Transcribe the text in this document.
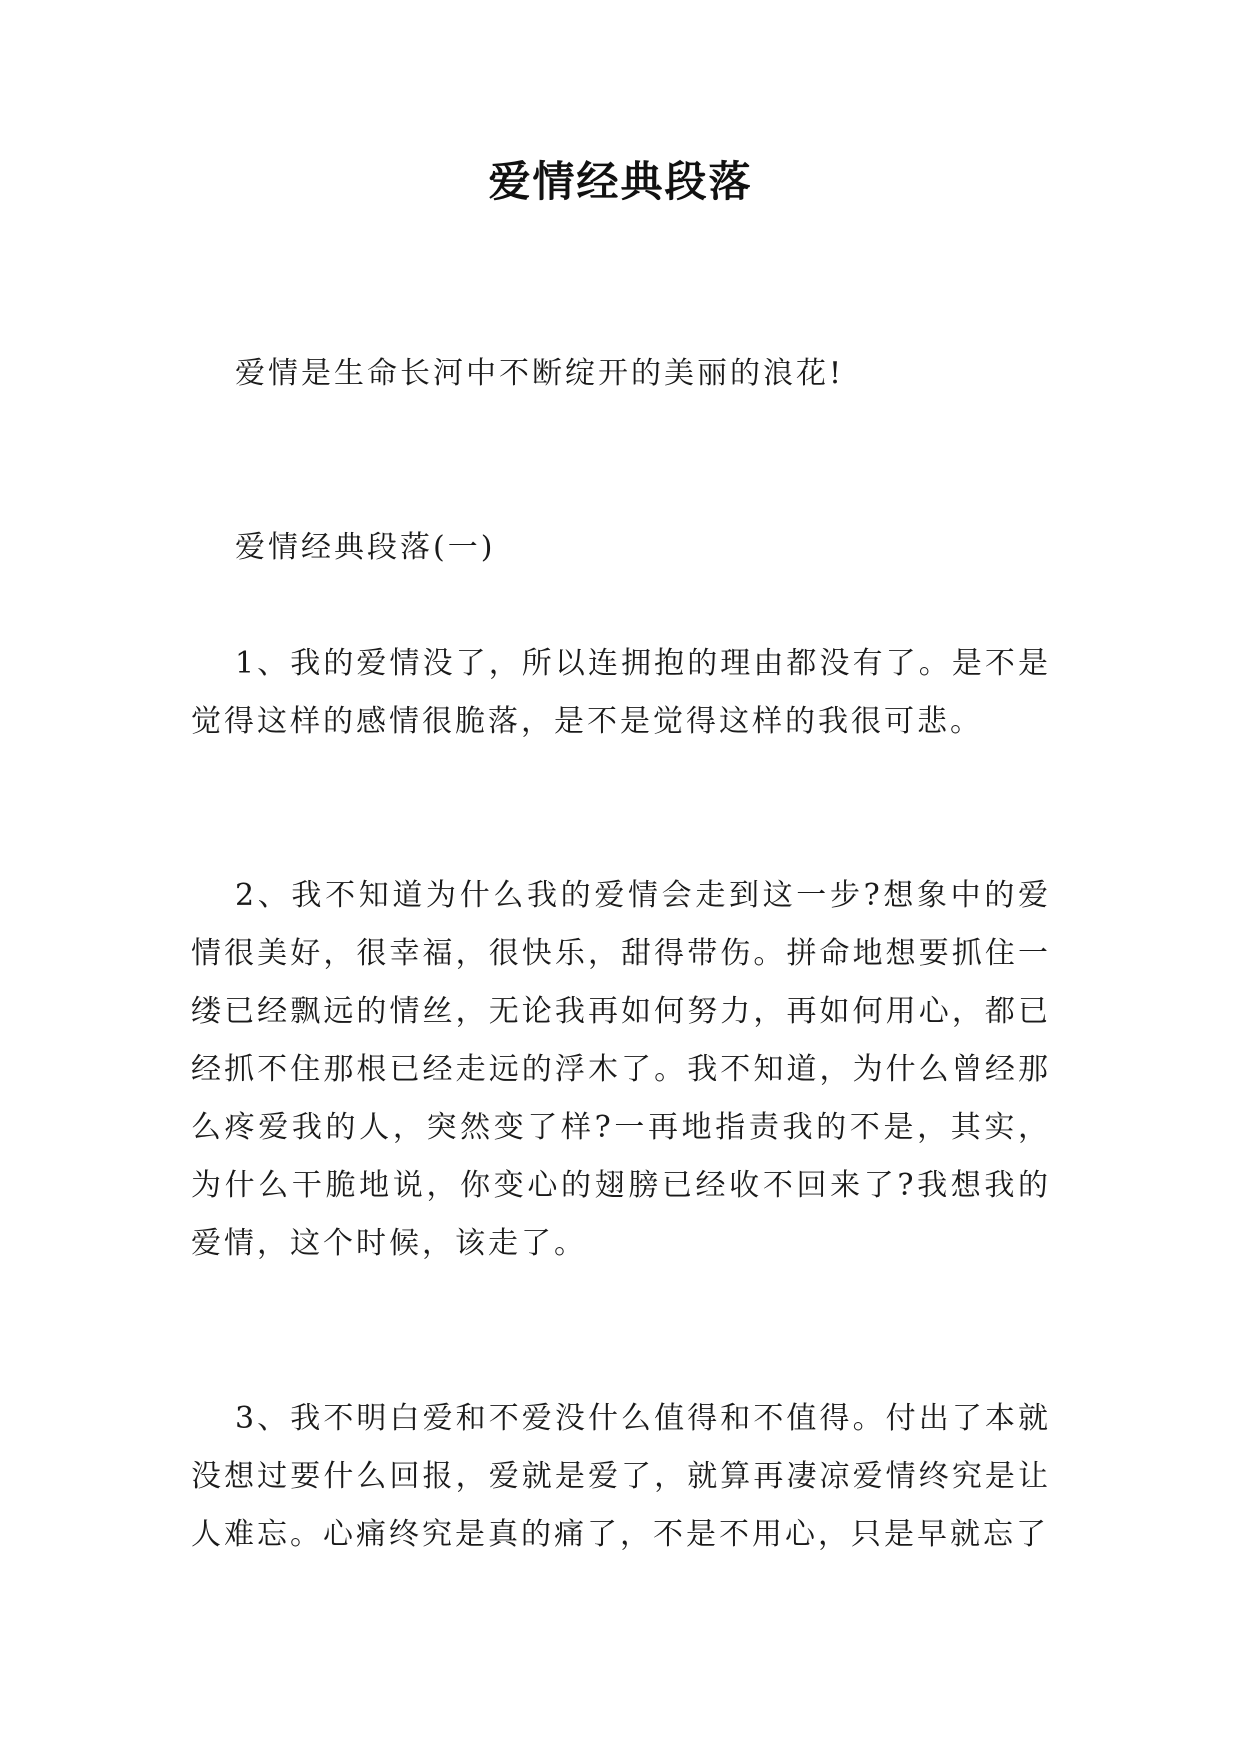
爱情经典段落

爱情是生命长河中不断绽开的美丽的浪花!

爱情经典段落(一)

1、我的爱情没了，所以连拥抱的理由都没有了。是不是觉得这样的感情很脆落，是不是觉得这样的我很可悲。

2、我不知道为什么我的爱情会走到这一步?想象中的爱情很美好，很幸福，很快乐，甜得带伤。拼命地想要抓住一缕已经飘远的情丝，无论我再如何努力，再如何用心，都已经抓不住那根已经走远的浮木了。我不知道，为什么曾经那么疼爱我的人，突然变了样?一再地指责我的不是，其实，为什么干脆地说，你变心的翅膀已经收不回来了?我想我的爱情，这个时候，该走了。

3、我不明白爱和不爱没什么值得和不值得。付出了本就没想过要什么回报，爱就是爱了，就算再凄凉爱情终究是让人难忘。心痛终究是真的痛了，不是不用心，只是早就忘了
